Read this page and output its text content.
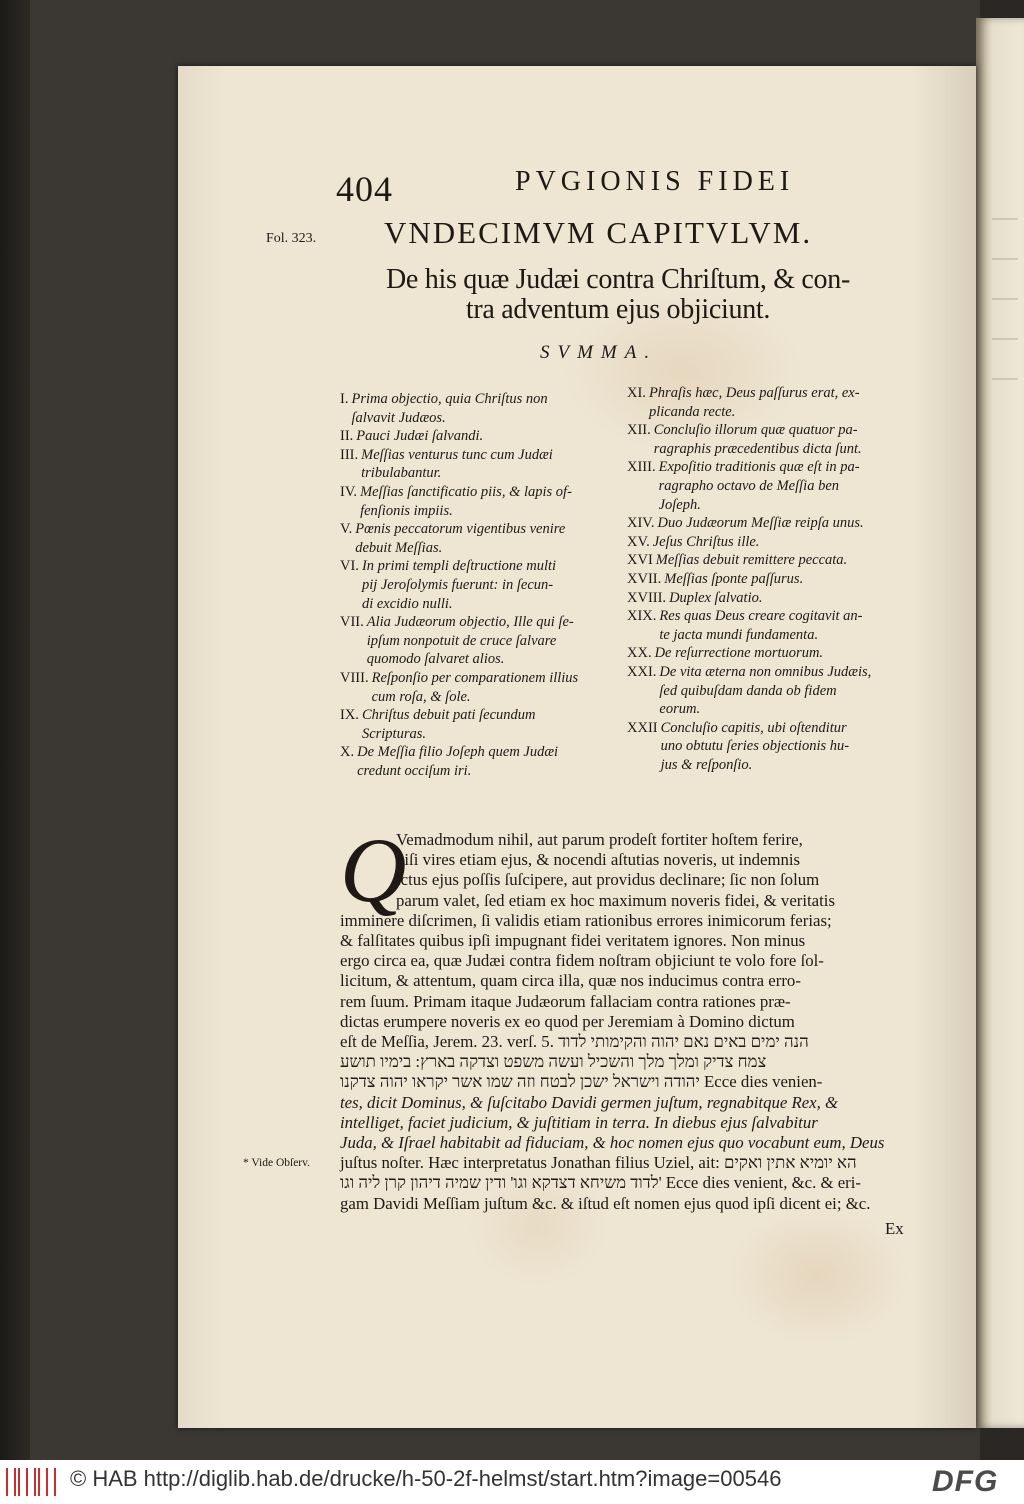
404	PVGIONIS FIDEI
Fol. 323. VNDECIMVM CAPITVLVM.
De his quæ Judæi contra Chriſtum, & con-
tra adventum ejus objiciunt.
SVMMA.
I. Prima objectio, quia Chriſtus non
ſalvavit Judæos.
II. Pauci Judæi ſalvandi.
III. Meſſias venturus tunc cum Judæi
tribulabantur.
IV. Meſſias ſanctificatio piis, & lapis of-
fenſionis impiis.
V. Pœnis peccatorum vigentibus venire
debuit Meſſias.
VI. In primi templi deſtructione multi
pij Jeroſolymis fuerunt: in ſecun-
di excidio nulli.
VII. Alia Judæorum objectio, Ille qui ſe-
ipſum nonpotuit de cruce ſalvare
quomodo ſalvaret alios.
VIII. Reſponſio per comparationem illius
cum roſa, & ſole.
IX. Chriſtus debuit pati ſecundum
Scripturas.
X. De Meſſia filio Joſeph quem Judæi
credunt occiſum iri.
XI. Phraſis hæc, Deus paſſurus erat, ex-
plicanda recte.
XII. Concluſio illorum quæ quatuor pa-
ragraphis præcedentibus dicta ſunt.
XIII. Expoſitio traditionis quæ eſt in pa-
ragrapho octavo de Meſſia ben
Joſeph.
XIV. Duo Judæorum Meſſiæ reipſa unus.
XV. Jeſus Chriſtus ille.
XVI Meſſias debuit remittere peccata.
XVII. Meſſias ſponte paſſurus.
XVIII. Duplex ſalvatio.
XIX. Res quas Deus creare cogitavit an-
te jacta mundi fundamenta.
XX. De reſurrectione mortuorum.
XXI. De vita æterna non omnibus Judæis,
ſed quibuſdam danda ob fidem
eorum.
XXII Concluſio capitis, ubi oſtenditur
uno obtutu ſeries objectionis hu-
jus & reſponſio.
Q
Vemadmodum nihil, aut parum prodeſt fortiter hoſtem ferire,
niſi vires etiam ejus, & nocendi aſtutias noveris, ut indemnis
ictus ejus poſſis ſuſcipere, aut providus declinare; ſic non ſolum
parum valet, ſed etiam ex hoc maximum noveris fidei, & veritatis
imminere diſcrimen, ſi validis etiam rationibus errores inimicorum ferias;
& falſitates quibus ipſi impugnant fidei veritatem ignores. Non minus
ergo circa ea, quæ Judæi contra fidem noſtram objiciunt te volo fore ſol-
licitum, & attentum, quam circa illa, quæ nos inducimus contra erro-
rem ſuum. Primam itaque Judæorum fallaciam contra rationes præ-
dictas erumpere noveris ex eo quod per Jeremiam à Domino dictum
eſt de Meſſia, Jerem. 23. verſ. 5. הנה ימים באים נאם יהוה והקימותי לדוד
צמח צדיק ומלך מלך והשכיל ועשה משפט וצדקה בארץ: בימיו תושע
יהודה וישראל ישכן לבטח וזה שמו אשר יקראו יהוה צדקנו Ecce dies venien-
tes, dicit Dominus, & ſuſcitabo Davidi germen juſtum, regnabitque Rex, &
intelliget, faciet judicium, & juſtitiam in terra. In diebus ejus ſalvabitur
Juda, & Iſrael habitabit ad fiduciam, & hoc nomen ejus quo vocabunt eum, Deus
juſtus noſter. Hæc interpretatus Jonathan filius Uziel, ait: הא יומיא אתין ואקים
לדוד משיחא דצדקא וגו' ודין שמיה דיהון קרן ליה וגו' Ecce dies venient, &c. & eri-
gam Davidi Meſſiam juſtum &c. & iſtud eſt nomen ejus quod ipſi dicent ei; &c.
* Vide Obſerv.
Ex
© HAB http://diglib.hab.de/drucke/h-50-2f-helmst/start.htm?image=00546	DFG
